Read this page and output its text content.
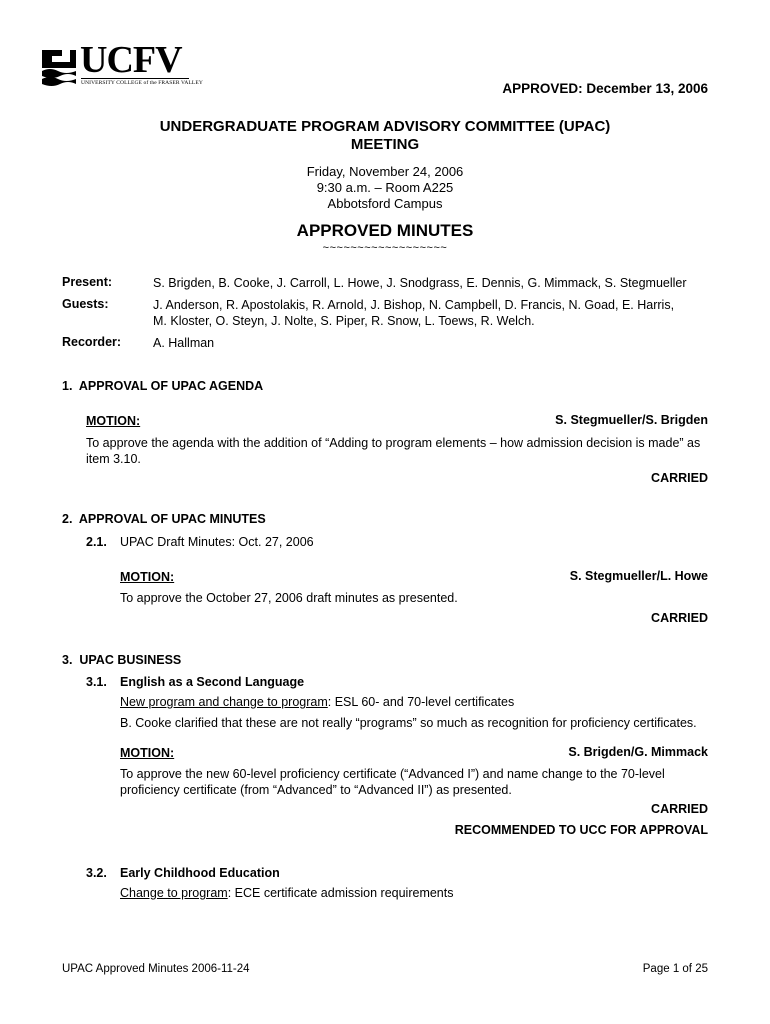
UCFV
UNIVERSITY COLLEGE of the FRASER VALLEY	APPROVED: December 13, 2006
UNDERGRADUATE PROGRAM ADVISORY COMMITTEE (UPAC)
MEETING
Friday, November 24, 2006
9:30 a.m. – Room A225
Abbotsford Campus
APPROVED MINUTES
~~~~~~~~~~~~~~~~~~
Present:	S. Brigden, B. Cooke, J. Carroll, L. Howe, J. Snodgrass, E. Dennis, G. Mimmack, S. Stegmueller
Guests:	J. Anderson, R. Apostolakis, R. Arnold, J. Bishop, N. Campbell, D. Francis, N. Goad, E. Harris,
M. Kloster, O. Steyn, J. Nolte, S. Piper, R. Snow, L. Toews, R. Welch.
Recorder:	A. Hallman
1.  APPROVAL OF UPAC AGENDA
MOTION:	S. Stegmueller/S. Brigden
To approve the agenda with the addition of “Adding to program elements – how admission decision is made” as
item 3.10.
CARRIED
2.  APPROVAL OF UPAC MINUTES
2.1. UPAC Draft Minutes: Oct. 27, 2006
MOTION:	S. Stegmueller/L. Howe
To approve the October 27, 2006 draft minutes as presented.
CARRIED
3.  UPAC BUSINESS
3.1. English as a Second Language
New program and change to program: ESL 60- and 70-level certificates
B. Cooke clarified that these are not really “programs” so much as recognition for proficiency certificates.
MOTION:	S. Brigden/G. Mimmack
To approve the new 60-level proficiency certificate (“Advanced I”) and name change to the 70-level
proficiency certificate (from “Advanced” to “Advanced II”) as presented.
CARRIED
RECOMMENDED TO UCC FOR APPROVAL
3.2. Early Childhood Education
Change to program: ECE certificate admission requirements
UPAC Approved Minutes 2006-11-24	Page 1 of 25
